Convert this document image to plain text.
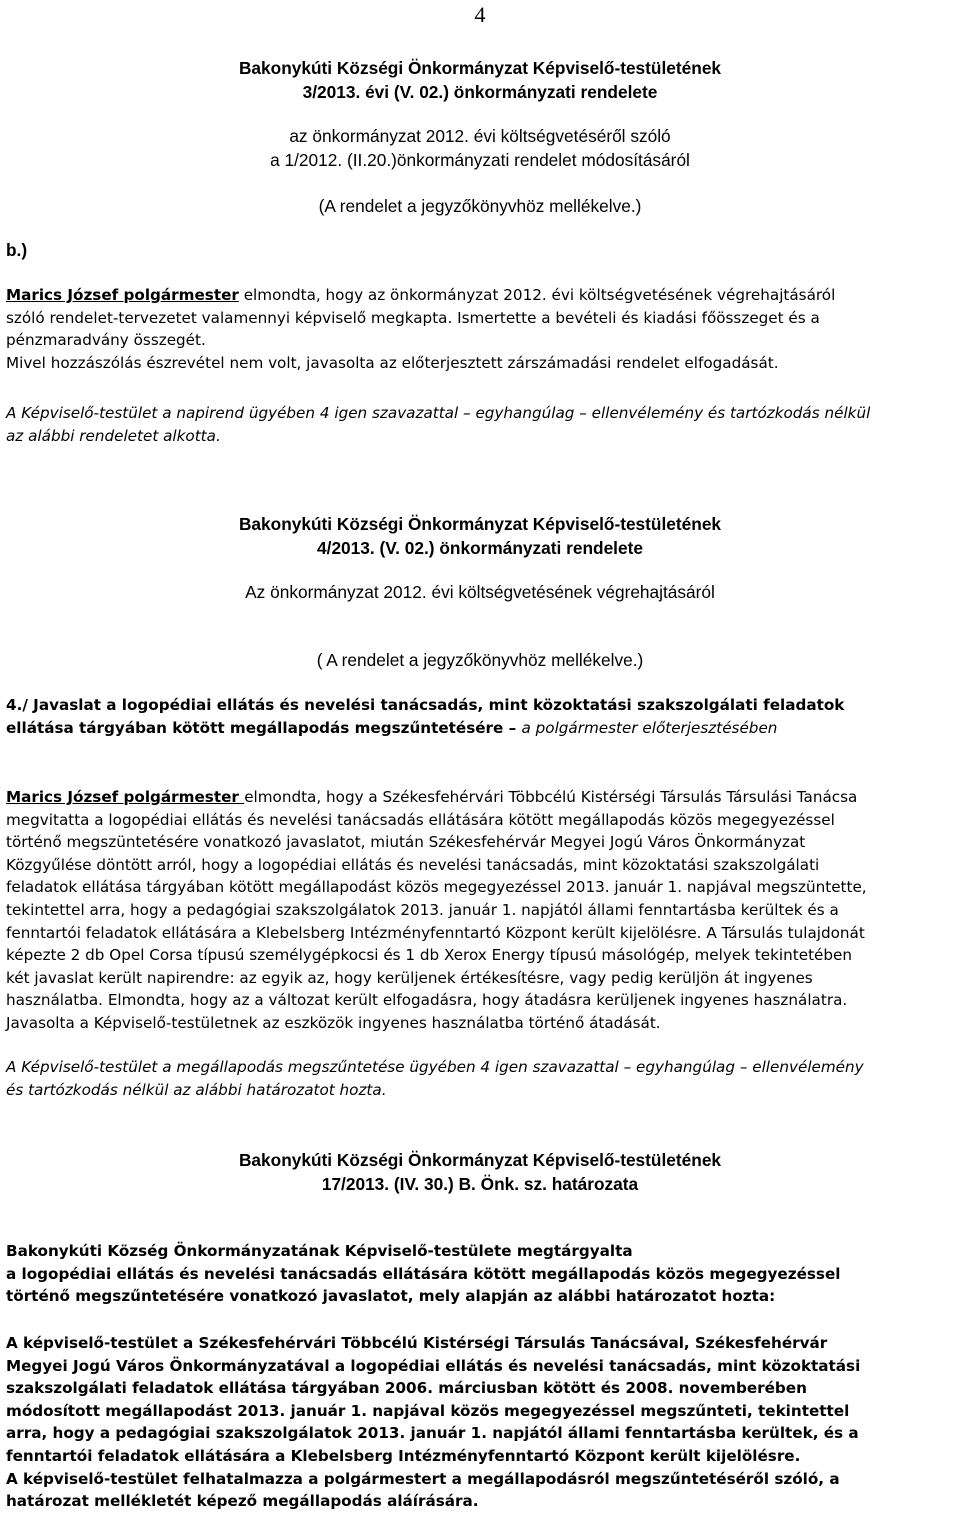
4
Bakonykúti Községi Önkormányzat Képviselő-testületének
3/2013. évi (V. 02.) önkormányzati rendelete
az önkormányzat 2012. évi költségvetéséről szóló
a 1/2012. (II.20.)önkormányzati rendelet módosításáról
(A rendelet a jegyzőkönyvhöz mellékelve.)
b.)
Marics József polgármester elmondta, hogy az önkormányzat 2012. évi költségvetésének végrehajtásáról
szóló rendelet-tervezetet valamennyi képviselő megkapta. Ismertette a bevételi és kiadási főösszeget és a
pénzmaradvány összegét.
Mivel hozzászólás észrevétel nem volt, javasolta az előterjesztett zárszámadási rendelet elfogadását.
A Képviselő-testület a napirend ügyében 4 igen szavazattal – egyhangúlag – ellenvélemény és tartózkodás nélkül
az alábbi rendeletet alkotta.
Bakonykúti Községi Önkormányzat Képviselő-testületének
4/2013. (V. 02.) önkormányzati rendelete
Az önkormányzat 2012. évi költségvetésének végrehajtásáról
( A rendelet a jegyzőkönyvhöz mellékelve.)
4./ Javaslat a logopédiai ellátás és nevelési tanácsadás, mint közoktatási szakszolgálati feladatok
ellátása tárgyában kötött megállapodás megszűntetésére – a polgármester előterjesztésében
Marics József polgármester elmondta, hogy a Székesfehérvári Többcélú Kistérségi Társulás Társulási Tanácsa
megvitatta a logopédiai ellátás és nevelési tanácsadás ellátására kötött megállapodás közös megegyezéssel
történő megszüntetésére vonatkozó javaslatot, miután Székesfehérvár Megyei Jogú Város Önkormányzat
Közgyűlése döntött arról, hogy a logopédiai ellátás és nevelési tanácsadás, mint közoktatási szakszolgálati
feladatok ellátása tárgyában kötött megállapodást közös megegyezéssel 2013. január 1. napjával megszüntette,
tekintettel arra, hogy a pedagógiai szakszolgálatok 2013. január 1. napjától állami fenntartásba kerültek és a
fenntartói feladatok ellátására a Klebelsberg Intézményfenntartó Központ került kijelölésre. A Társulás tulajdonát
képezte 2 db Opel Corsa típusú személygépkocsi és 1 db Xerox Energy típusú másológép, melyek tekintetében
két javaslat került napirendre: az egyik az, hogy kerüljenek értékesítésre, vagy pedig kerüljön át ingyenes
használatba. Elmondta, hogy az a változat került elfogadásra, hogy átadásra kerüljenek ingyenes használatra.
Javasolta a Képviselő-testületnek az eszközök ingyenes használatba történő átadását.
A Képviselő-testület a megállapodás megszűntetése ügyében 4 igen szavazattal – egyhangúlag – ellenvélemény
és tartózkodás nélkül az alábbi határozatot hozta.
Bakonykúti Községi Önkormányzat Képviselő-testületének
17/2013. (IV. 30.) B. Önk. sz. határozata
Bakonykúti Község Önkormányzatának Képviselő-testülete megtárgyalta
a logopédiai ellátás és nevelési tanácsadás ellátására kötött megállapodás közös megegyezéssel
történő megszűntetésére vonatkozó javaslatot, mely alapján az alábbi határozatot hozta:
A képviselő-testület a Székesfehérvári Többcélú Kistérségi Társulás Tanácsával, Székesfehérvár
Megyei Jogú Város Önkormányzatával a logopédiai ellátás és nevelési tanácsadás, mint közoktatási
szakszolgálati feladatok ellátása tárgyában 2006. márciusban kötött és 2008. novemberében
módosított megállapodást 2013. január 1. napjával közös megegyezéssel megszűnteti, tekintettel
arra, hogy a pedagógiai szakszolgálatok 2013. január 1. napjától állami fenntartásba kerültek, és a
fenntartói feladatok ellátására a Klebelsberg Intézményfenntartó Központ került kijelölésre.
A képviselő-testület felhatalmazza a polgármestert a megállapodásról megszűntetéséről szóló, a
határozat mellékletét képező megállapodás aláírására.
